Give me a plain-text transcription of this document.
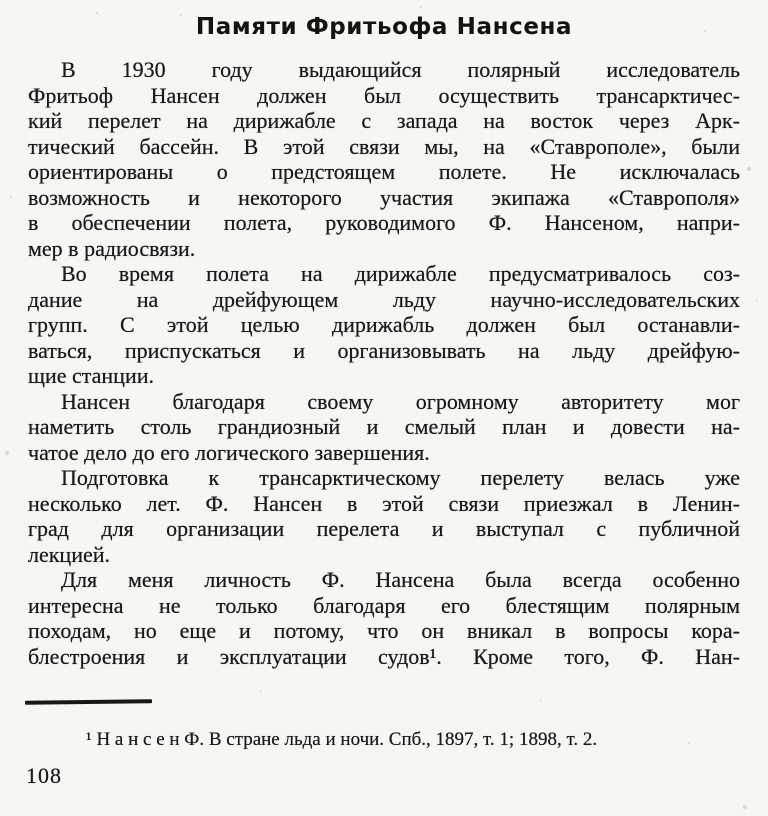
Памяти Фритьофа Нансена
В 1930 году выдающийся полярный исследователь
Фритьоф Нансен должен был осуществить трансарктичес-
кий перелет на дирижабле с запада на восток через Арк-
тический бассейн. В этой связи мы, на «Ставрополе», были
ориентированы о предстоящем полете. Не исключалась
возможность и некоторого участия экипажа «Ставрополя»
в обеспечении полета, руководимого Ф. Нансеном, напри-
мер в радиосвязи.
Во время полета на дирижабле предусматривалось соз-
дание на дрейфующем льду научно-исследовательских
групп. С этой целью дирижабль должен был останавли-
ваться, приспускаться и организовывать на льду дрейфую-
щие станции.
Нансен благодаря своему огромному авторитету мог
наметить столь грандиозный и смелый план и довести на-
чатое дело до его логического завершения.
Подготовка к трансарктическому перелету велась уже
несколько лет. Ф. Нансен в этой связи приезжал в Ленин-
град для организации перелета и выступал с публичной
лекцией.
Для меня личность Ф. Нансена была всегда особенно
интересна не только благодаря его блестящим полярным
походам, но еще и потому, что он вникал в вопросы кора-
блестроения и эксплуатации судов¹. Кроме того, Ф. Нан-
¹ Н а н с е н Ф. В стране льда и ночи. Спб., 1897, т. 1; 1898, т. 2.
108
